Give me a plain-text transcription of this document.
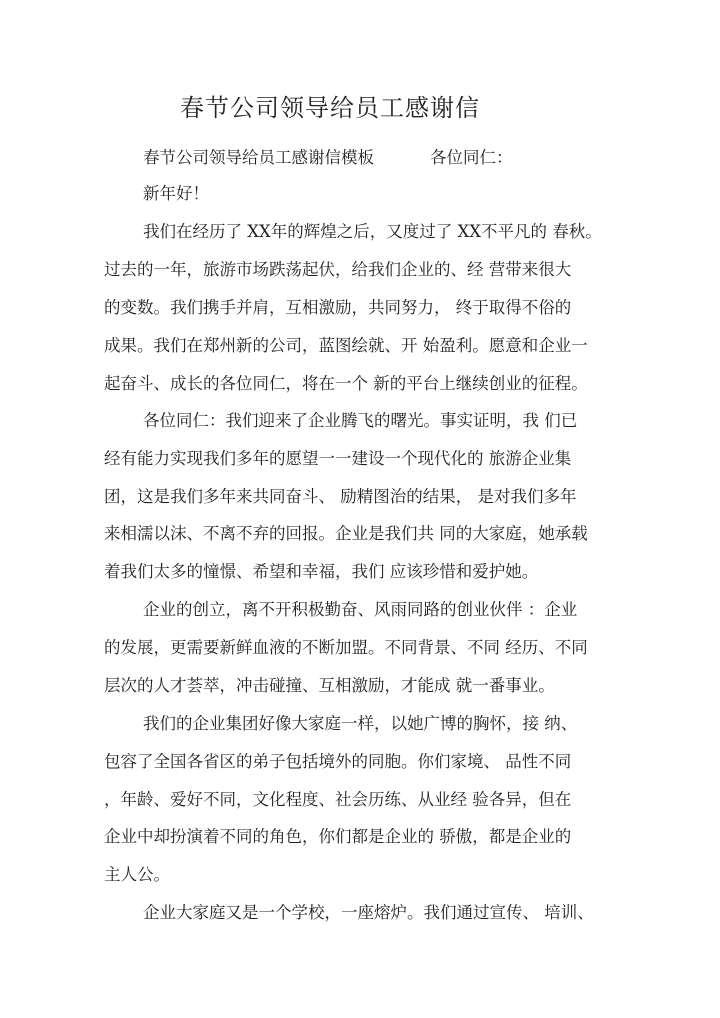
春节公司领导给员工感谢信
春节公司领导给员工感谢信模板	各位同仁：
新年好！
我们在经历了 XX年的辉煌之后，又度过了 XX不平凡的 春秋。
过去的一年，旅游市场跌荡起伏，给我们企业的、经 营带来很大
的变数。我们携手并肩，互相激励，共同努力， 终于取得不俗的
成果。我们在郑州新的公司，蓝图绘就、开 始盈利。愿意和企业一
起奋斗、成长的各位同仁，将在一个 新的平台上继续创业的征程。
各位同仁：我们迎来了企业腾飞的曙光。事实证明，我 们已
经有能力实现我们多年的愿望一一建设一个现代化的 旅游企业集
团，这是我们多年来共同奋斗、 励精图治的结果， 是对我们多年
来相濡以沫、不离不弃的回报。企业是我们共 同的大家庭，她承载
着我们太多的憧憬、希望和幸福，我们 应该珍惜和爱护她。
企业的创立，离不开积极勤奋、风雨同路的创业伙伴 ：企业
的发展，更需要新鲜血液的不断加盟。不同背景、不同 经历、不同
层次的人才荟萃，冲击碰撞、互相激励，才能成 就一番事业。
我们的企业集团好像大家庭一样，以她广博的胸怀，接 纳、
包容了全国各省区的弟子包括境外的同胞。你们家境、 品性不同
，年龄、爱好不同，文化程度、社会历练、从业经 验各异，但在
企业中却扮演着不同的角色，你们都是企业的 骄傲，都是企业的
主人公。
企业大家庭又是一个学校，一座熔炉。我们通过宣传、 培训、
